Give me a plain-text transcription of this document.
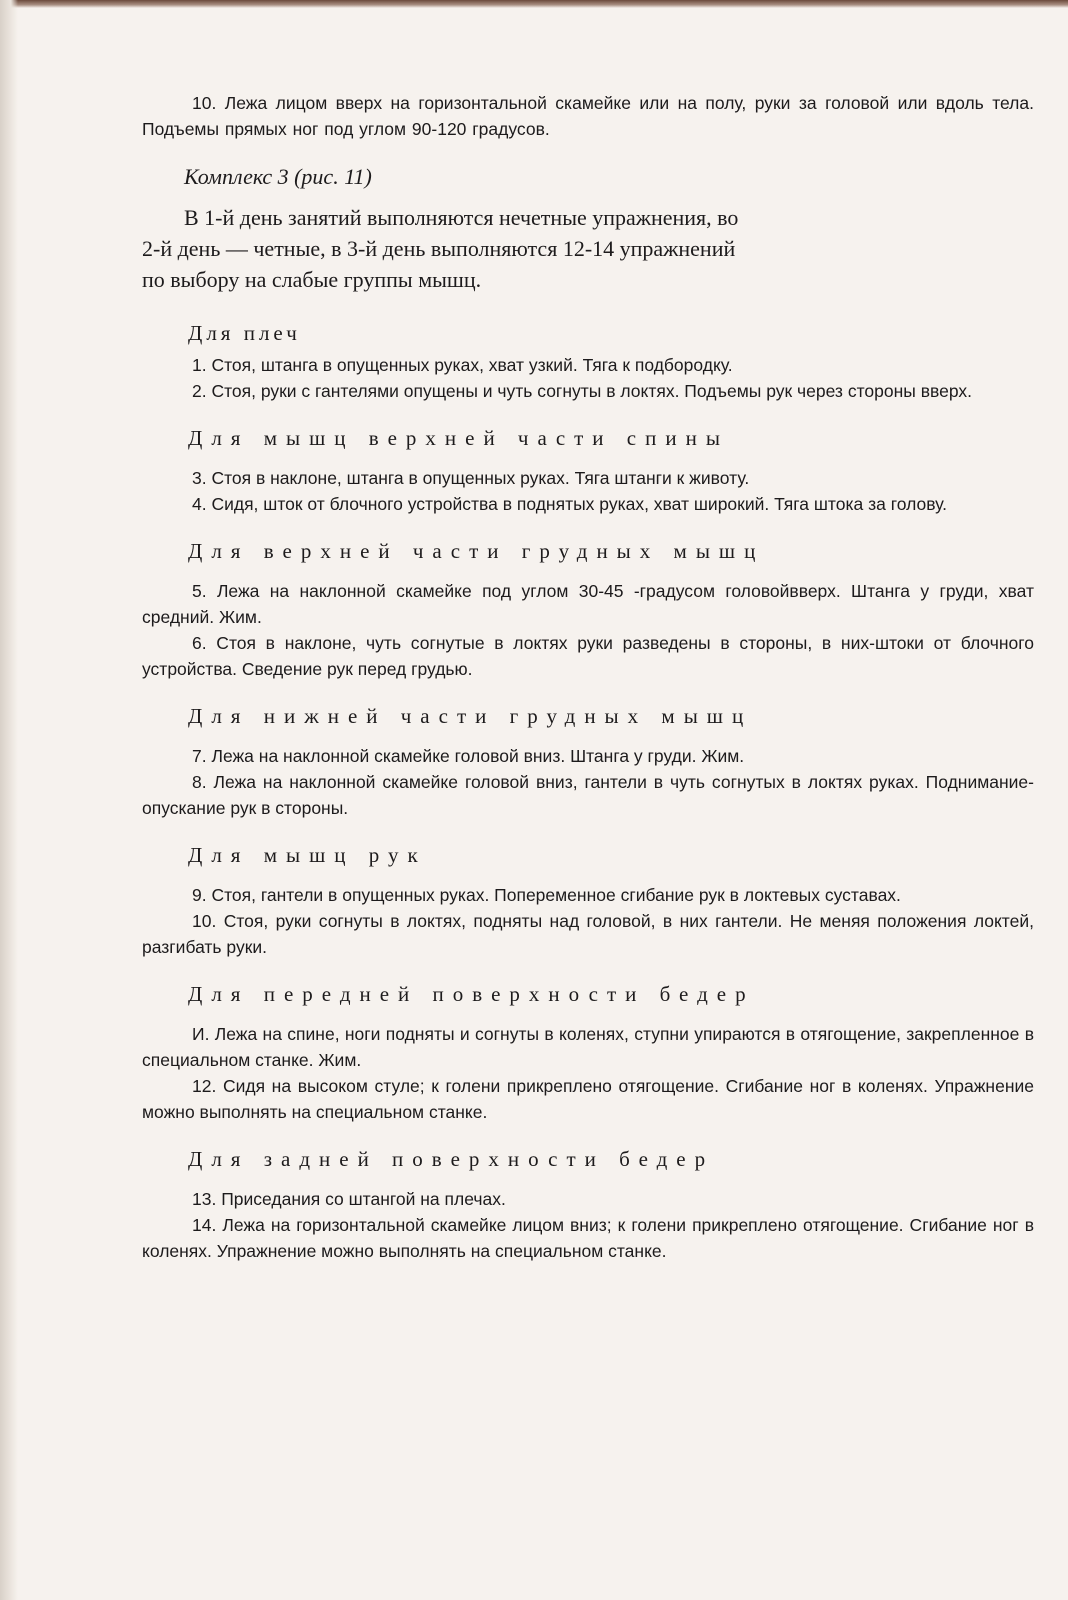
10. Лежа лицом вверх на горизонтальной скамейке или на полу, руки за головой или вдоль тела. Подъемы прямых ног под углом 90-120 градусов.

Комплекс 3 (рис. 11)
В 1-й день занятий выполняются нечетные упражнения, во
2-й день — четные, в 3-й день выполняются 12-14 упражнений
по выбору на слабые группы мышц.
Для плеч

1. Стоя, штанга в опущенных руках, хват узкий. Тяга к подбородку.

2. Стоя, руки с гантелями опущены и чуть согнуты в локтях. Подъемы рук через стороны вверх.

Для мышц верхней части спины

3. Стоя в наклоне, штанга в опущенных руках. Тяга штанги к животу.

4. Сидя, шток от блочного устройства в поднятых руках, хват широкий. Тяга штока за голову.

Для верхней части грудных мышц

5. Лежа на наклонной скамейке под углом 30-45 -градусом головойвверх. Штанга у груди, хват средний. Жим.

6. Стоя в наклоне, чуть согнутые в локтях руки разведены в стороны, в них-штоки от блочного устройства. Сведение рук перед грудью.

Для нижней части грудных мышц

7. Лежа на наклонной скамейке головой вниз. Штанга у груди. Жим.

8. Лежа на наклонной скамейке головой вниз, гантели в чуть согнутых в локтях руках. Поднимание-опускание рук в стороны.

Для мышц рук

9. Стоя, гантели в опущенных руках. Попеременное сгибание рук в локтевых суставах.

10. Стоя, руки согнуты в локтях, подняты над головой, в них гантели. Не меняя положения локтей, разгибать руки.

Для передней поверхности бедер

И. Лежа на спине, ноги подняты и согнуты в коленях, ступни упираются в отягощение, закрепленное в специальном станке. Жим.

12. Сидя на высоком стуле; к голени прикреплено отягощение. Сгибание ног в коленях. Упражнение можно выполнять на специальном станке.

Для задней поверхности бедер

13. Приседания со штангой на плечах.

14. Лежа на горизонтальной скамейке лицом вниз; к голени прикреплено отягощение. Сгибание ног в коленях. Упражнение можно выполнять на специальном станке.
